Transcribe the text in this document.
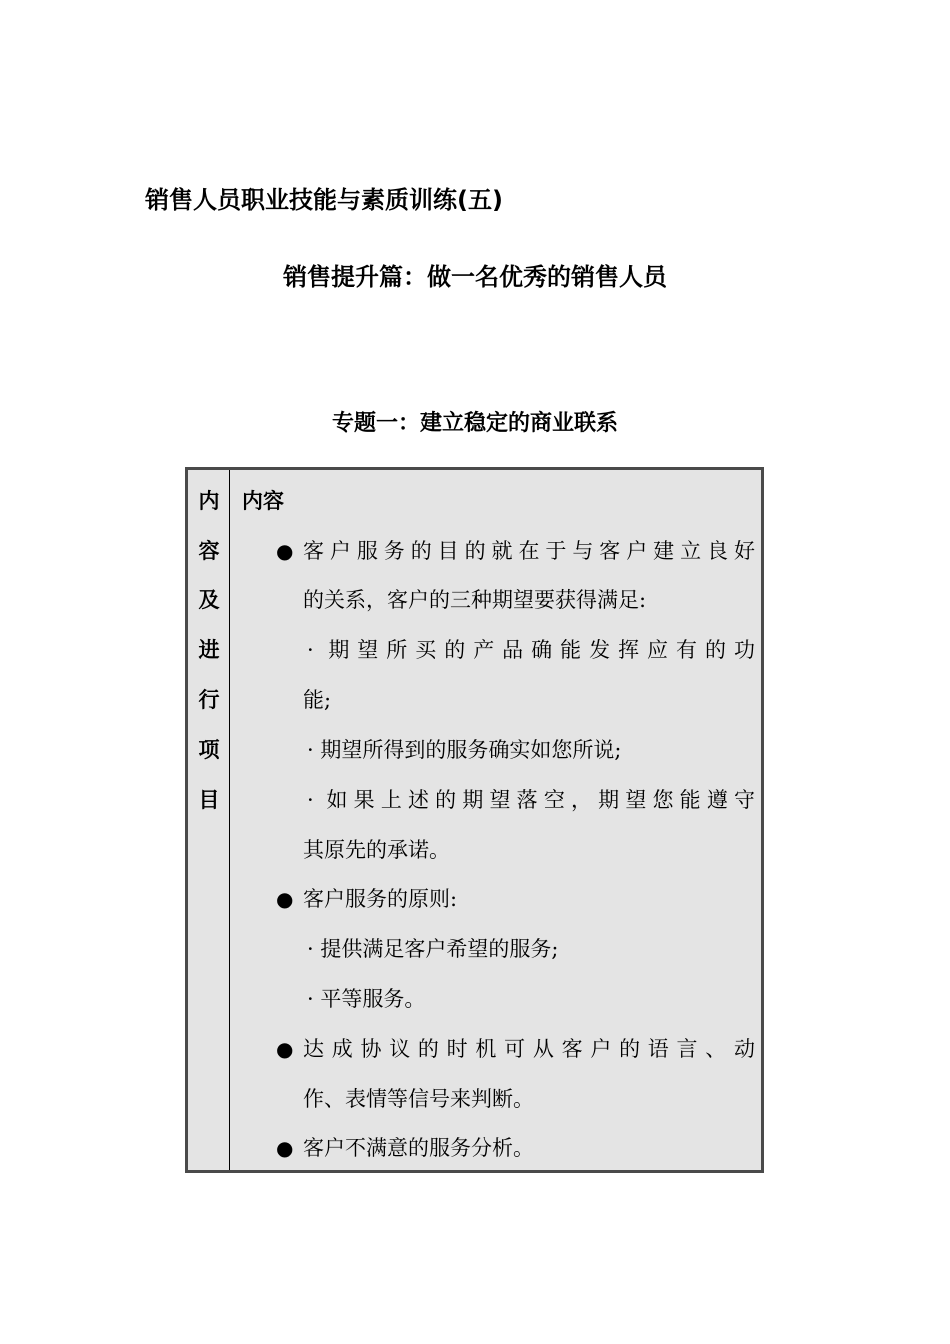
销售人员职业技能与素质训练(五)
销售提升篇：做一名优秀的销售人员
专题一：建立稳定的商业联系
内
容
及
进
行
项
目
内容
● 客户服务的目的就在于与客户建立良好
的关系，客户的三种期望要获得满足:
· 期望所买的产品确能发挥应有的功
能;
· 期望所得到的服务确实如您所说;
· 如果上述的期望落空，期望您能遵守
其原先的承诺。
● 客户服务的原则:
· 提供满足客户希望的服务;
· 平等服务。
● 达成协议的时机可从客户的语言、动
作、表情等信号来判断。
● 客户不满意的服务分析。
